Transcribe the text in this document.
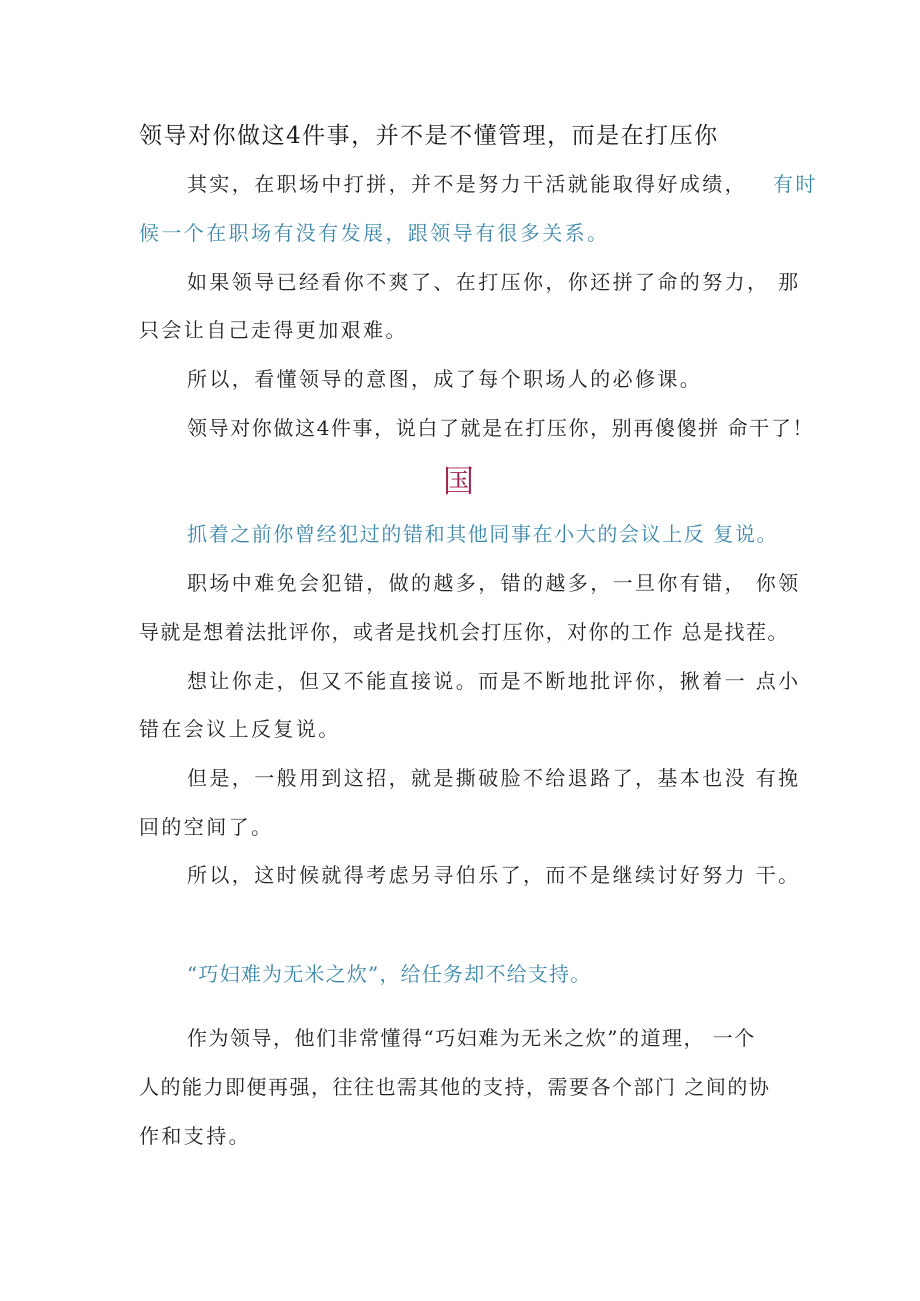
领导对你做这4件事，并不是不懂管理，而是在打压你
其实，在职场中打拼，并不是努力干活就能取得好成绩， 有时
候一个在职场有没有发展，跟领导有很多关系。
如果领导已经看你不爽了、在打压你，你还拼了命的努力， 那
只会让自己走得更加艰难。
所以，看懂领导的意图，成了每个职场人的必修课。
领导对你做这4件事，说白了就是在打压你，别再傻傻拼 命干了！
国
抓着之前你曾经犯过的错和其他同事在小大的会议上反 复说。
职场中难免会犯错，做的越多，错的越多，一旦你有错， 你领
导就是想着法批评你，或者是找机会打压你，对你的工作 总是找茬。
想让你走，但又不能直接说。而是不断地批评你，揪着一 点小
错在会议上反复说。
但是，一般用到这招，就是撕破脸不给退路了，基本也没 有挽
回的空间了。
所以，这时候就得考虑另寻伯乐了，而不是继续讨好努力 干。
“巧妇难为无米之炊”，给任务却不给支持。
作为领导，他们非常懂得“巧妇难为无米之炊”的道理， 一个
人的能力即便再强，往往也需其他的支持，需要各个部门 之间的协
作和支持。
